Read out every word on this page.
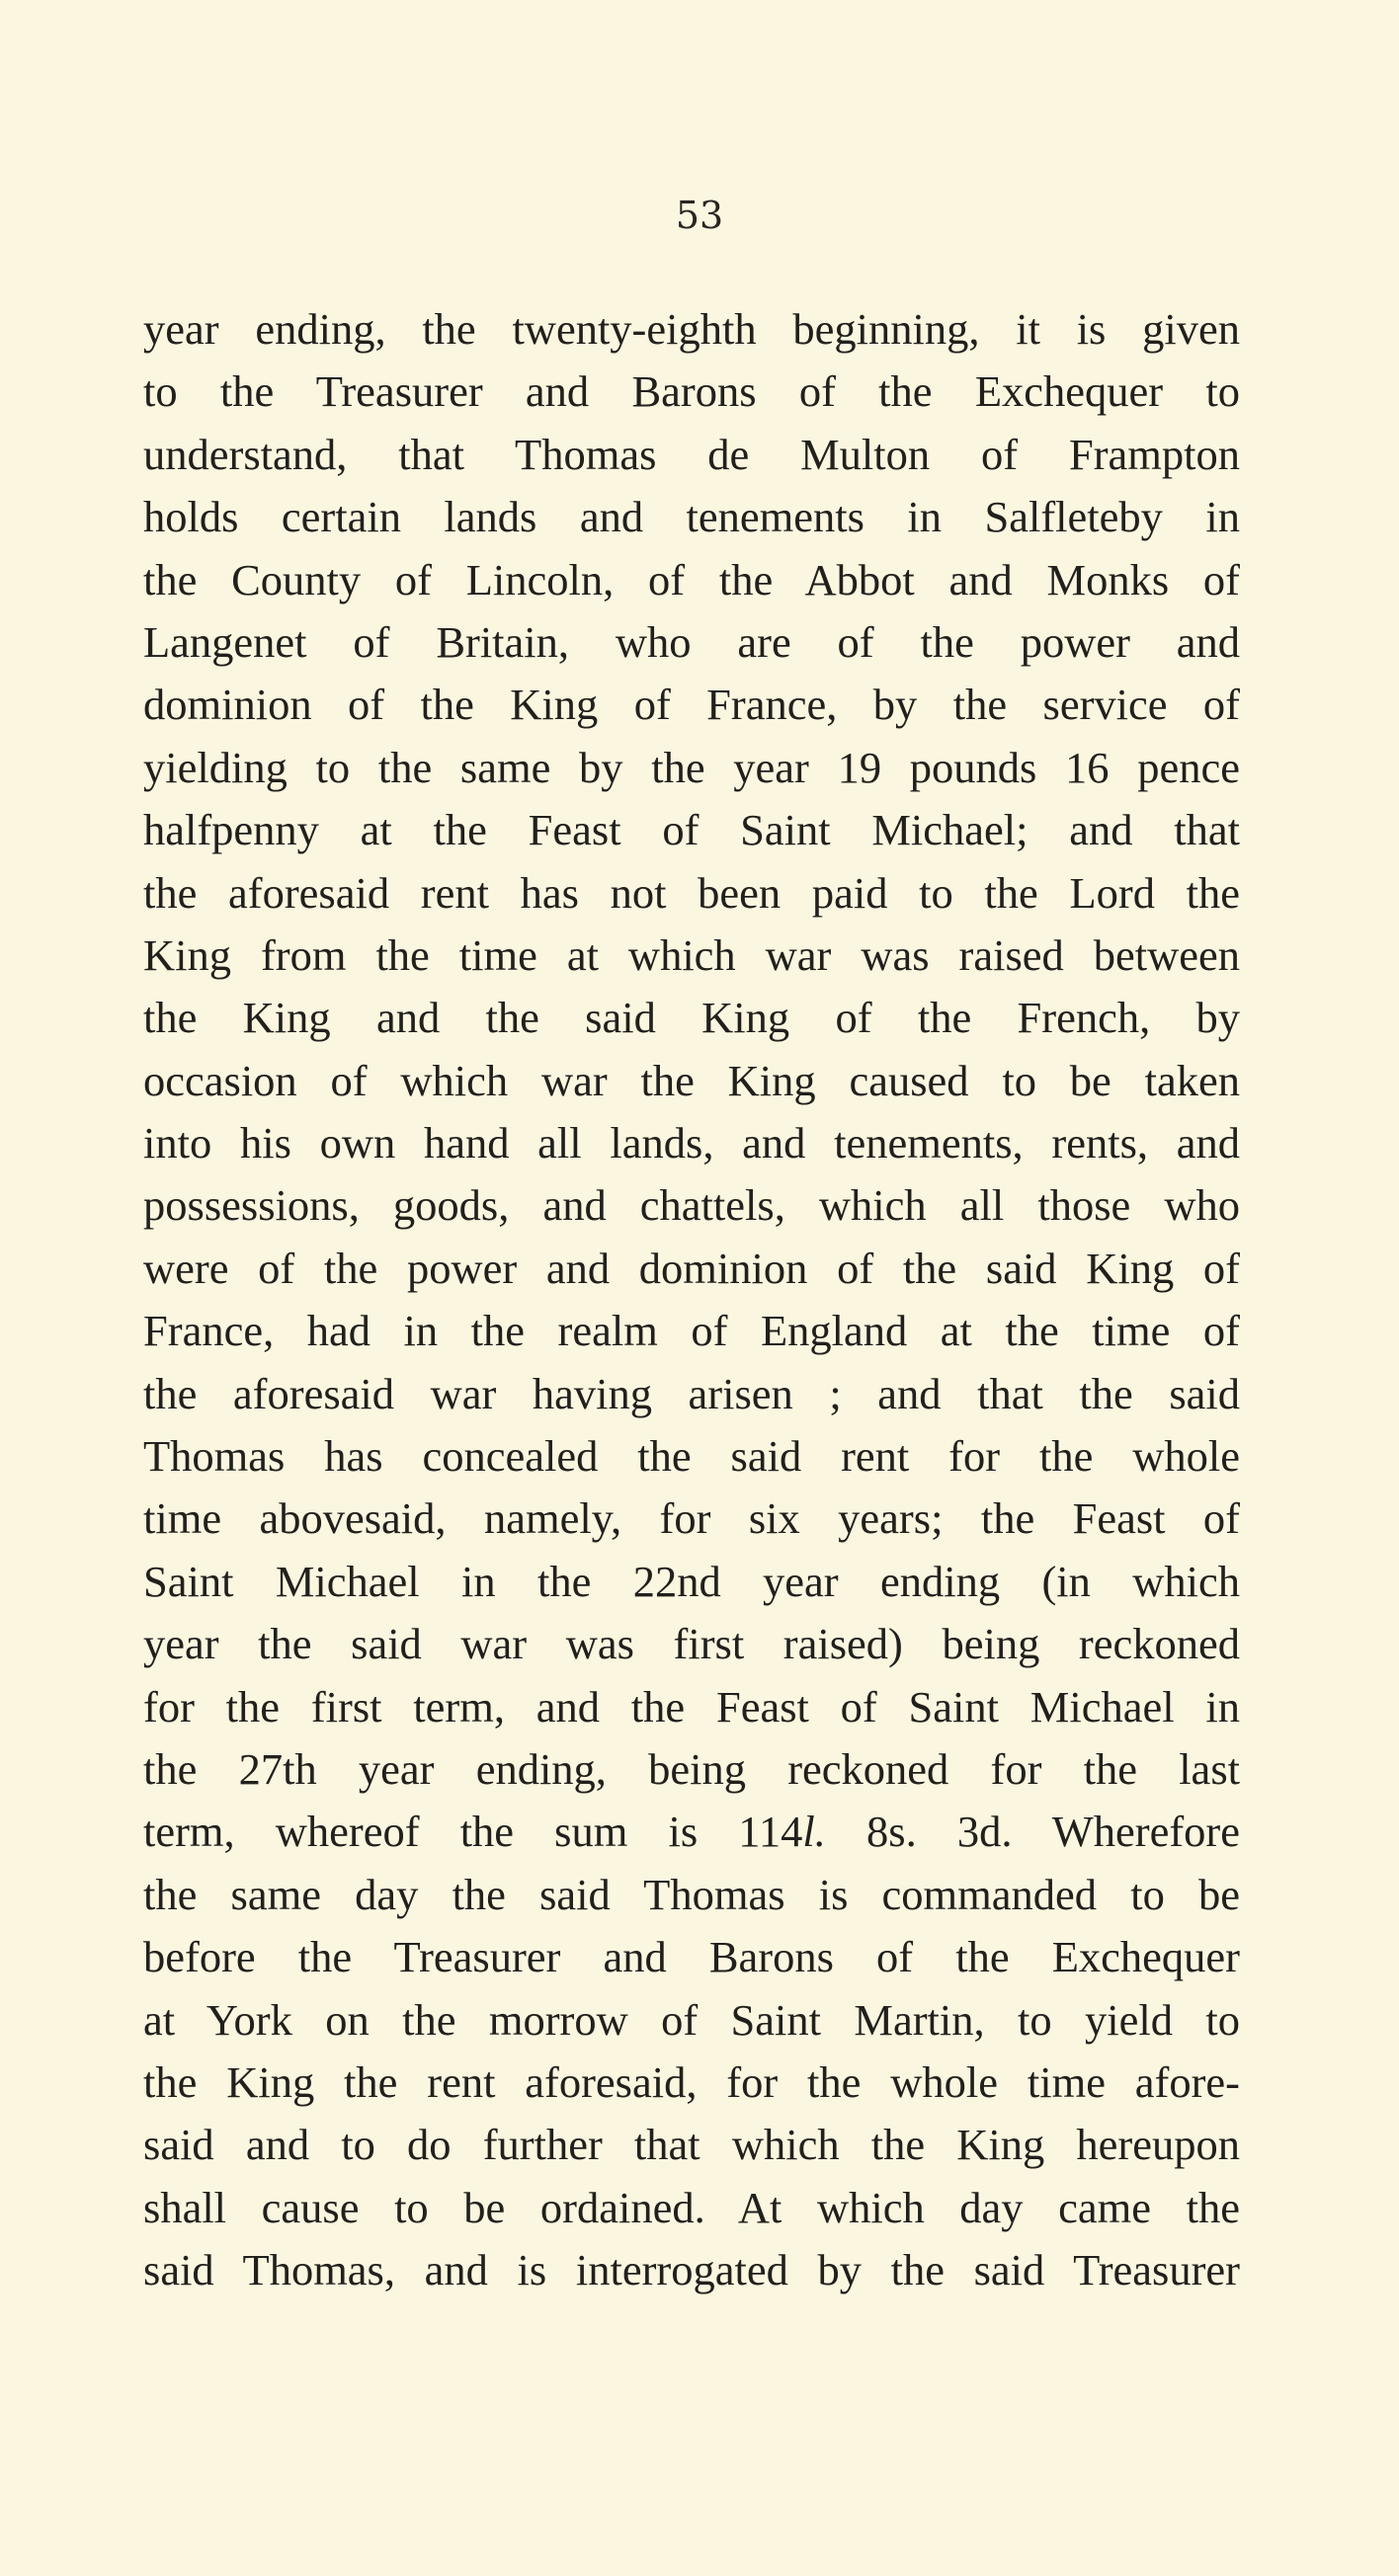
53
year ending, the twenty-eighth beginning, it is given
to the Treasurer and Barons of the Exchequer to
understand, that Thomas de Multon of Frampton
holds certain lands and tenements in Salfleteby in
the County of Lincoln, of the Abbot and Monks of
Langenet of Britain, who are of the power and
dominion of the King of France, by the service of
yielding to the same by the year 19 pounds 16 pence
halfpenny at the Feast of Saint Michael; and that
the aforesaid rent has not been paid to the Lord the
King from the time at which war was raised between
the King and the said King of the French, by
occasion of which war the King caused to be taken
into his own hand all lands, and tenements, rents, and
possessions, goods, and chattels, which all those who
were of the power and dominion of the said King of
France, had in the realm of England at the time of
the aforesaid war having arisen ; and that the said
Thomas has concealed the said rent for the whole
time abovesaid, namely, for six years; the Feast of
Saint Michael in the 22nd year ending (in which
year the said war was first raised) being reckoned
for the first term, and the Feast of Saint Michael in
the 27th year ending, being reckoned for the last
term, whereof the sum is 114l. 8s. 3d. Wherefore
the same day the said Thomas is commanded to be
before the Treasurer and Barons of the Exchequer
at York on the morrow of Saint Martin, to yield to
the King the rent aforesaid, for the whole time afore-
said and to do further that which the King hereupon
shall cause to be ordained. At which day came the
said Thomas, and is interrogated by the said Treasurer
